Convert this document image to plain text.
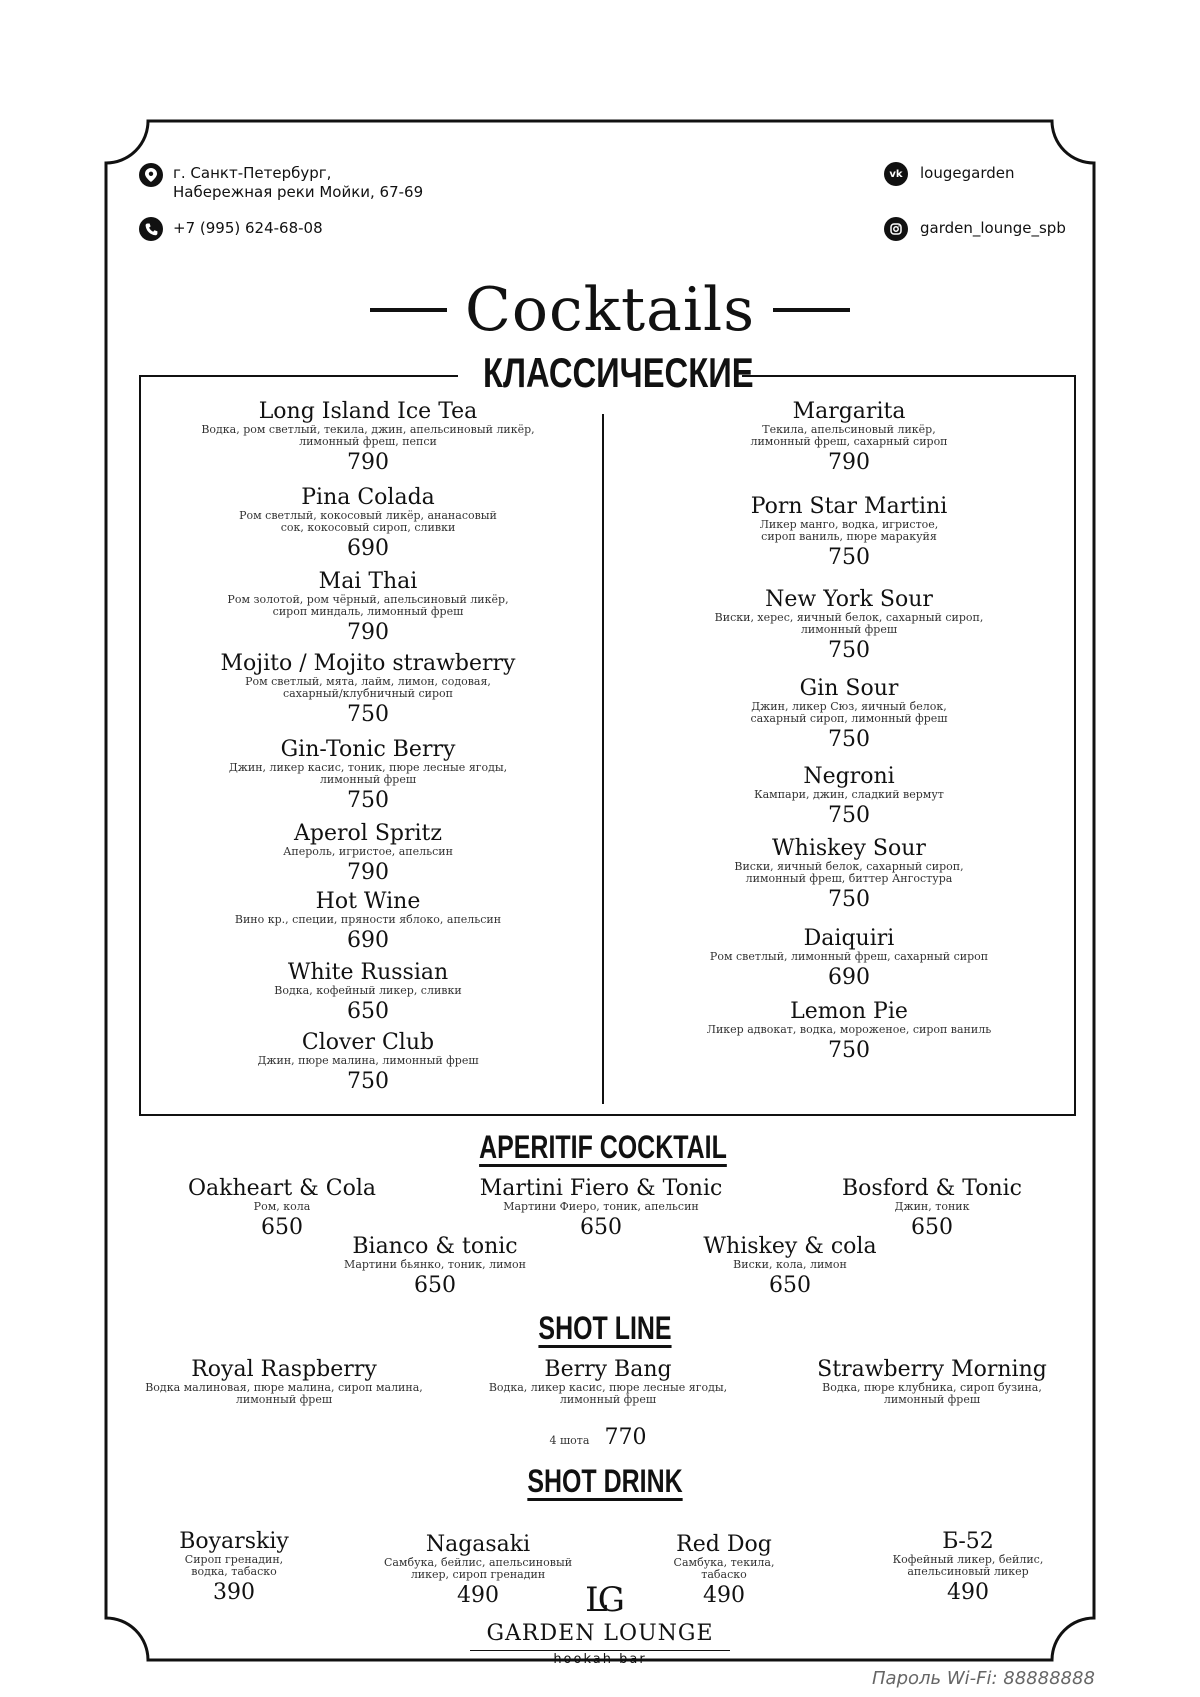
г. Санкт-Петербург,
Набережная реки Мойки, 67-69
+7 (995) 624-68-08
vk lougegarden
garden_lounge_spb
Cocktails
КЛАССИЧЕСКИЕ
Long Island Ice Tea
Водка, ром светлый, текила, джин, апельсиновый ликёр,
лимонный фреш, пепси
790
Pina Colada
Ром светлый, кокосовый ликёр, ананасовый
сок, кокосовый сироп, сливки
690
Mai Thai
Ром золотой, ром чёрный, апельсиновый ликёр,
сироп миндаль, лимонный фреш
790
Mojito / Mojito strawberry
Ром светлый, мята, лайм, лимон, содовая,
сахарный/клубничный сироп
750
Gin-Tonic Berry
Джин, ликер касис, тоник, пюре лесные ягоды,
лимонный фреш
750
Aperol Spritz
Апероль, игристое, апельсин
790
Hot Wine
Вино кр., специи, пряности яблоко, апельсин
690
White Russian
Водка, кофейный ликер, сливки
650
Clover Club
Джин, пюре малина, лимонный фреш
750
Margarita
Текила, апельсиновый ликёр,
лимонный фреш, сахарный сироп
790
Porn Star Martini
Ликер манго, водка, игристое,
сироп ваниль, пюре маракуйя
750
New York Sour
Виски, херес, яичный белок, сахарный сироп,
лимонный фреш
750
Gin Sour
Джин, ликер Сюз, яичный белок,
сахарный сироп, лимонный фреш
750
Negroni
Кампари, джин, сладкий вермут
750
Whiskey Sour
Виски, яичный белок, сахарный сироп,
лимонный фреш, биттер Ангостура
750
Daiquiri
Ром светлый, лимонный фреш, сахарный сироп
690
Lemon Pie
Ликер адвокат, водка, мороженое, сироп ваниль
750
APERITIF COCKTAIL
Oakheart & Cola
Ром, кола
650
Martini Fiero & Tonic
Мартини Фиеро, тоник, апельсин
650
Bosford & Tonic
Джин, тоник
650
Bianco & tonic
Мартини бьянко, тоник, лимон
650
Whiskey & cola
Виски, кола, лимон
650
SHOT LINE
Royal Raspberry
Водка малиновая, пюре малина, сироп малина,
лимонный фреш
Berry Bang
Водка, ликер касис, пюре лесные ягоды,
лимонный фреш
Strawberry Morning
Водка, пюре клубника, сироп бузина,
лимонный фреш
4 шота 770
SHOT DRINK
Boyarskiy
Сироп гренадин,
водка, табаско
390
Nagasaki
Самбука, бейлис, апельсиновый
ликер, сироп гренадин
490
Red Dog
Самбука, текила,
табаско
490
Б-52
Кофейный ликер, бейлис,
апельсиновый ликер
490
LG
GARDEN LOUNGE
hookah bar
Пароль Wi-Fi: 88888888
